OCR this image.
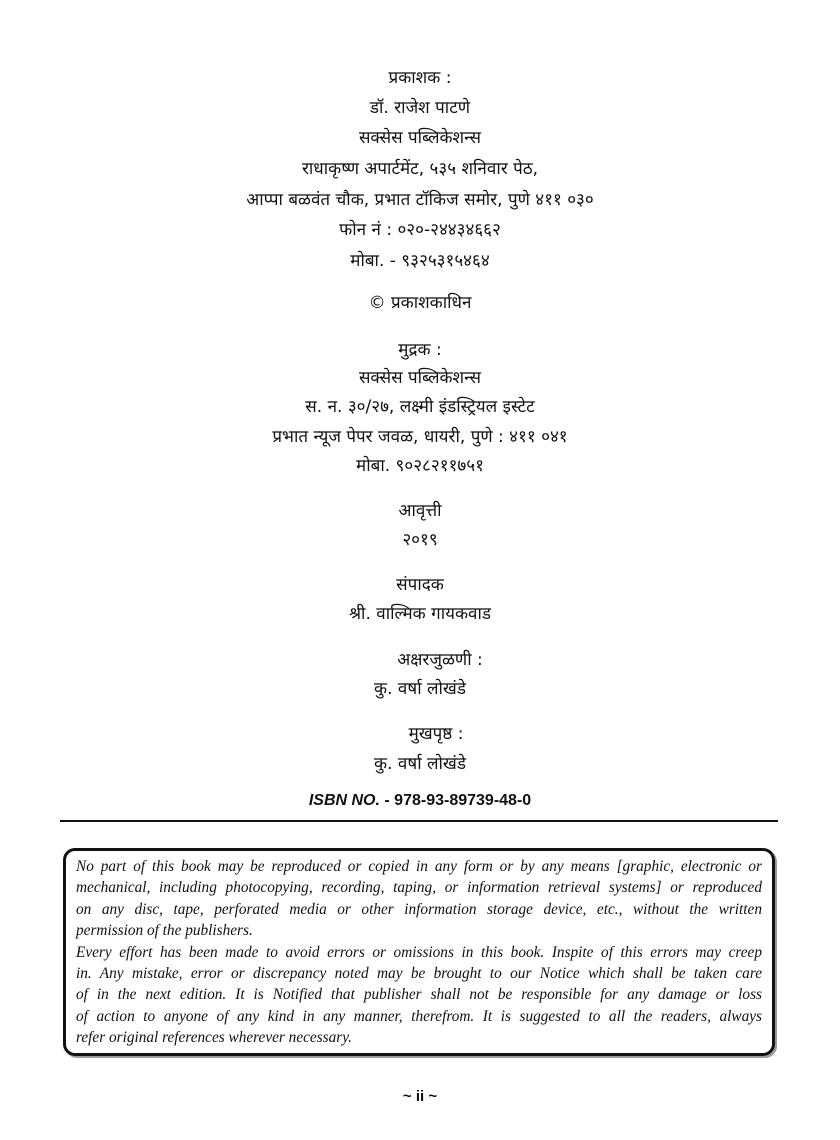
प्रकाशक :
डॉ. राजेश पाटणे
सक्सेस पब्लिकेशन्स
राधाकृष्ण अपार्टमेंट, ५३५ शनिवार पेठ,
आप्पा बळवंत चौक, प्रभात टॉकिज समोर, पुणे ४११ ०३०
फोन नं : ०२०-२४४३४६६२
मोबा. - ९३२५३१५४६४
© प्रकाशकाधिन
मुद्रक :
सक्सेस पब्लिकेशन्स
स. न. ३०/२७, लक्ष्मी इंडस्ट्रियल इस्टेट
प्रभात न्यूज पेपर जवळ, धायरी, पुणे : ४११ ०४१
मोबा. ९०२८२११७५१
आवृत्ती
२०१९
संपादक
श्री. वाल्मिक गायकवाड
अक्षरजुळणी :
कु. वर्षा लोखंडे
मुखपृष्ठ :
कु. वर्षा लोखंडे
ISBN NO. - 978-93-89739-48-0
No part of this book may be reproduced or copied in any form or by any means [graphic, electronic or
mechanical, including photocopying, recording, taping, or information retrieval systems] or reproduced
on any disc, tape, perforated media or other information storage device, etc., without the written
permission of the publishers.
Every effort has been made to avoid errors or omissions in this book. Inspite of this errors may creep
in. Any mistake, error or discrepancy noted may be brought to our Notice which shall be taken care
of in the next edition. It is Notified that publisher shall not be responsible for any damage or loss
of action to anyone of any kind in any manner, therefrom. It is suggested to all the readers, always
refer original references wherever necessary.
~ ii ~
